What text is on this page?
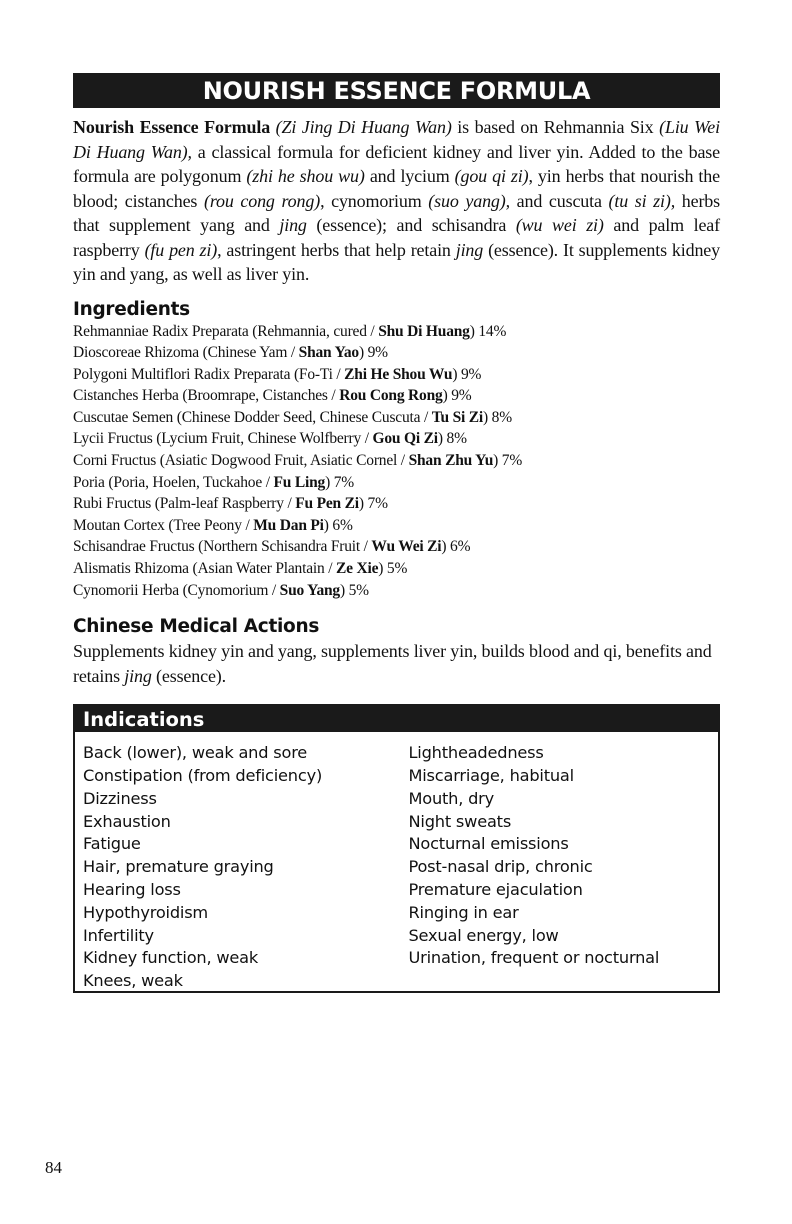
NOURISH ESSENCE FORMULA

Nourish Essence Formula (Zi Jing Di Huang Wan) is based on Rehmannia Six (Liu Wei Di Huang Wan), a classical formula for deficient kidney and liver yin. Added to the base formula are polygonum (zhi he shou wu) and lycium (gou qi zi), yin herbs that nourish the blood; cistanches (rou cong rong), cynomorium (suo yang), and cuscuta (tu si zi), herbs that supplement yang and jing (essence); and schisandra (wu wei zi) and palm leaf raspberry (fu pen zi), astringent herbs that help retain jing (essence). It supplements kidney yin and yang, as well as liver yin.

Ingredients
Rehmanniae Radix Preparata (Rehmannia, cured / Shu Di Huang) 14%
Dioscoreae Rhizoma (Chinese Yam / Shan Yao) 9%
Polygoni Multiflori Radix Preparata (Fo-Ti / Zhi He Shou Wu) 9%
Cistanches Herba (Broomrape, Cistanches / Rou Cong Rong) 9%
Cuscutae Semen (Chinese Dodder Seed, Chinese Cuscuta / Tu Si Zi) 8%
Lycii Fructus (Lycium Fruit, Chinese Wolfberry / Gou Qi Zi) 8%
Corni Fructus (Asiatic Dogwood Fruit, Asiatic Cornel / Shan Zhu Yu) 7%
Poria (Poria, Hoelen, Tuckahoe / Fu Ling) 7%
Rubi Fructus (Palm-leaf Raspberry / Fu Pen Zi) 7%
Moutan Cortex (Tree Peony / Mu Dan Pi) 6%
Schisandrae Fructus (Northern Schisandra Fruit / Wu Wei Zi) 6%
Alismatis Rhizoma (Asian Water Plantain / Ze Xie) 5%
Cynomorii Herba (Cynomorium / Suo Yang) 5%
Chinese Medical Actions

Supplements kidney yin and yang, supplements liver yin, builds blood and qi, benefits and retains jing (essence).

Indications
Back (lower), weak and sore
Constipation (from deficiency)
Dizziness
Exhaustion
Fatigue
Hair, premature graying
Hearing loss
Hypothyroidism
Infertility
Kidney function, weak
Knees, weak
Lightheadedness
Miscarriage, habitual
Mouth, dry
Night sweats
Nocturnal emissions
Post-nasal drip, chronic
Premature ejaculation
Ringing in ear
Sexual energy, low
Urination, frequent or nocturnal
84
